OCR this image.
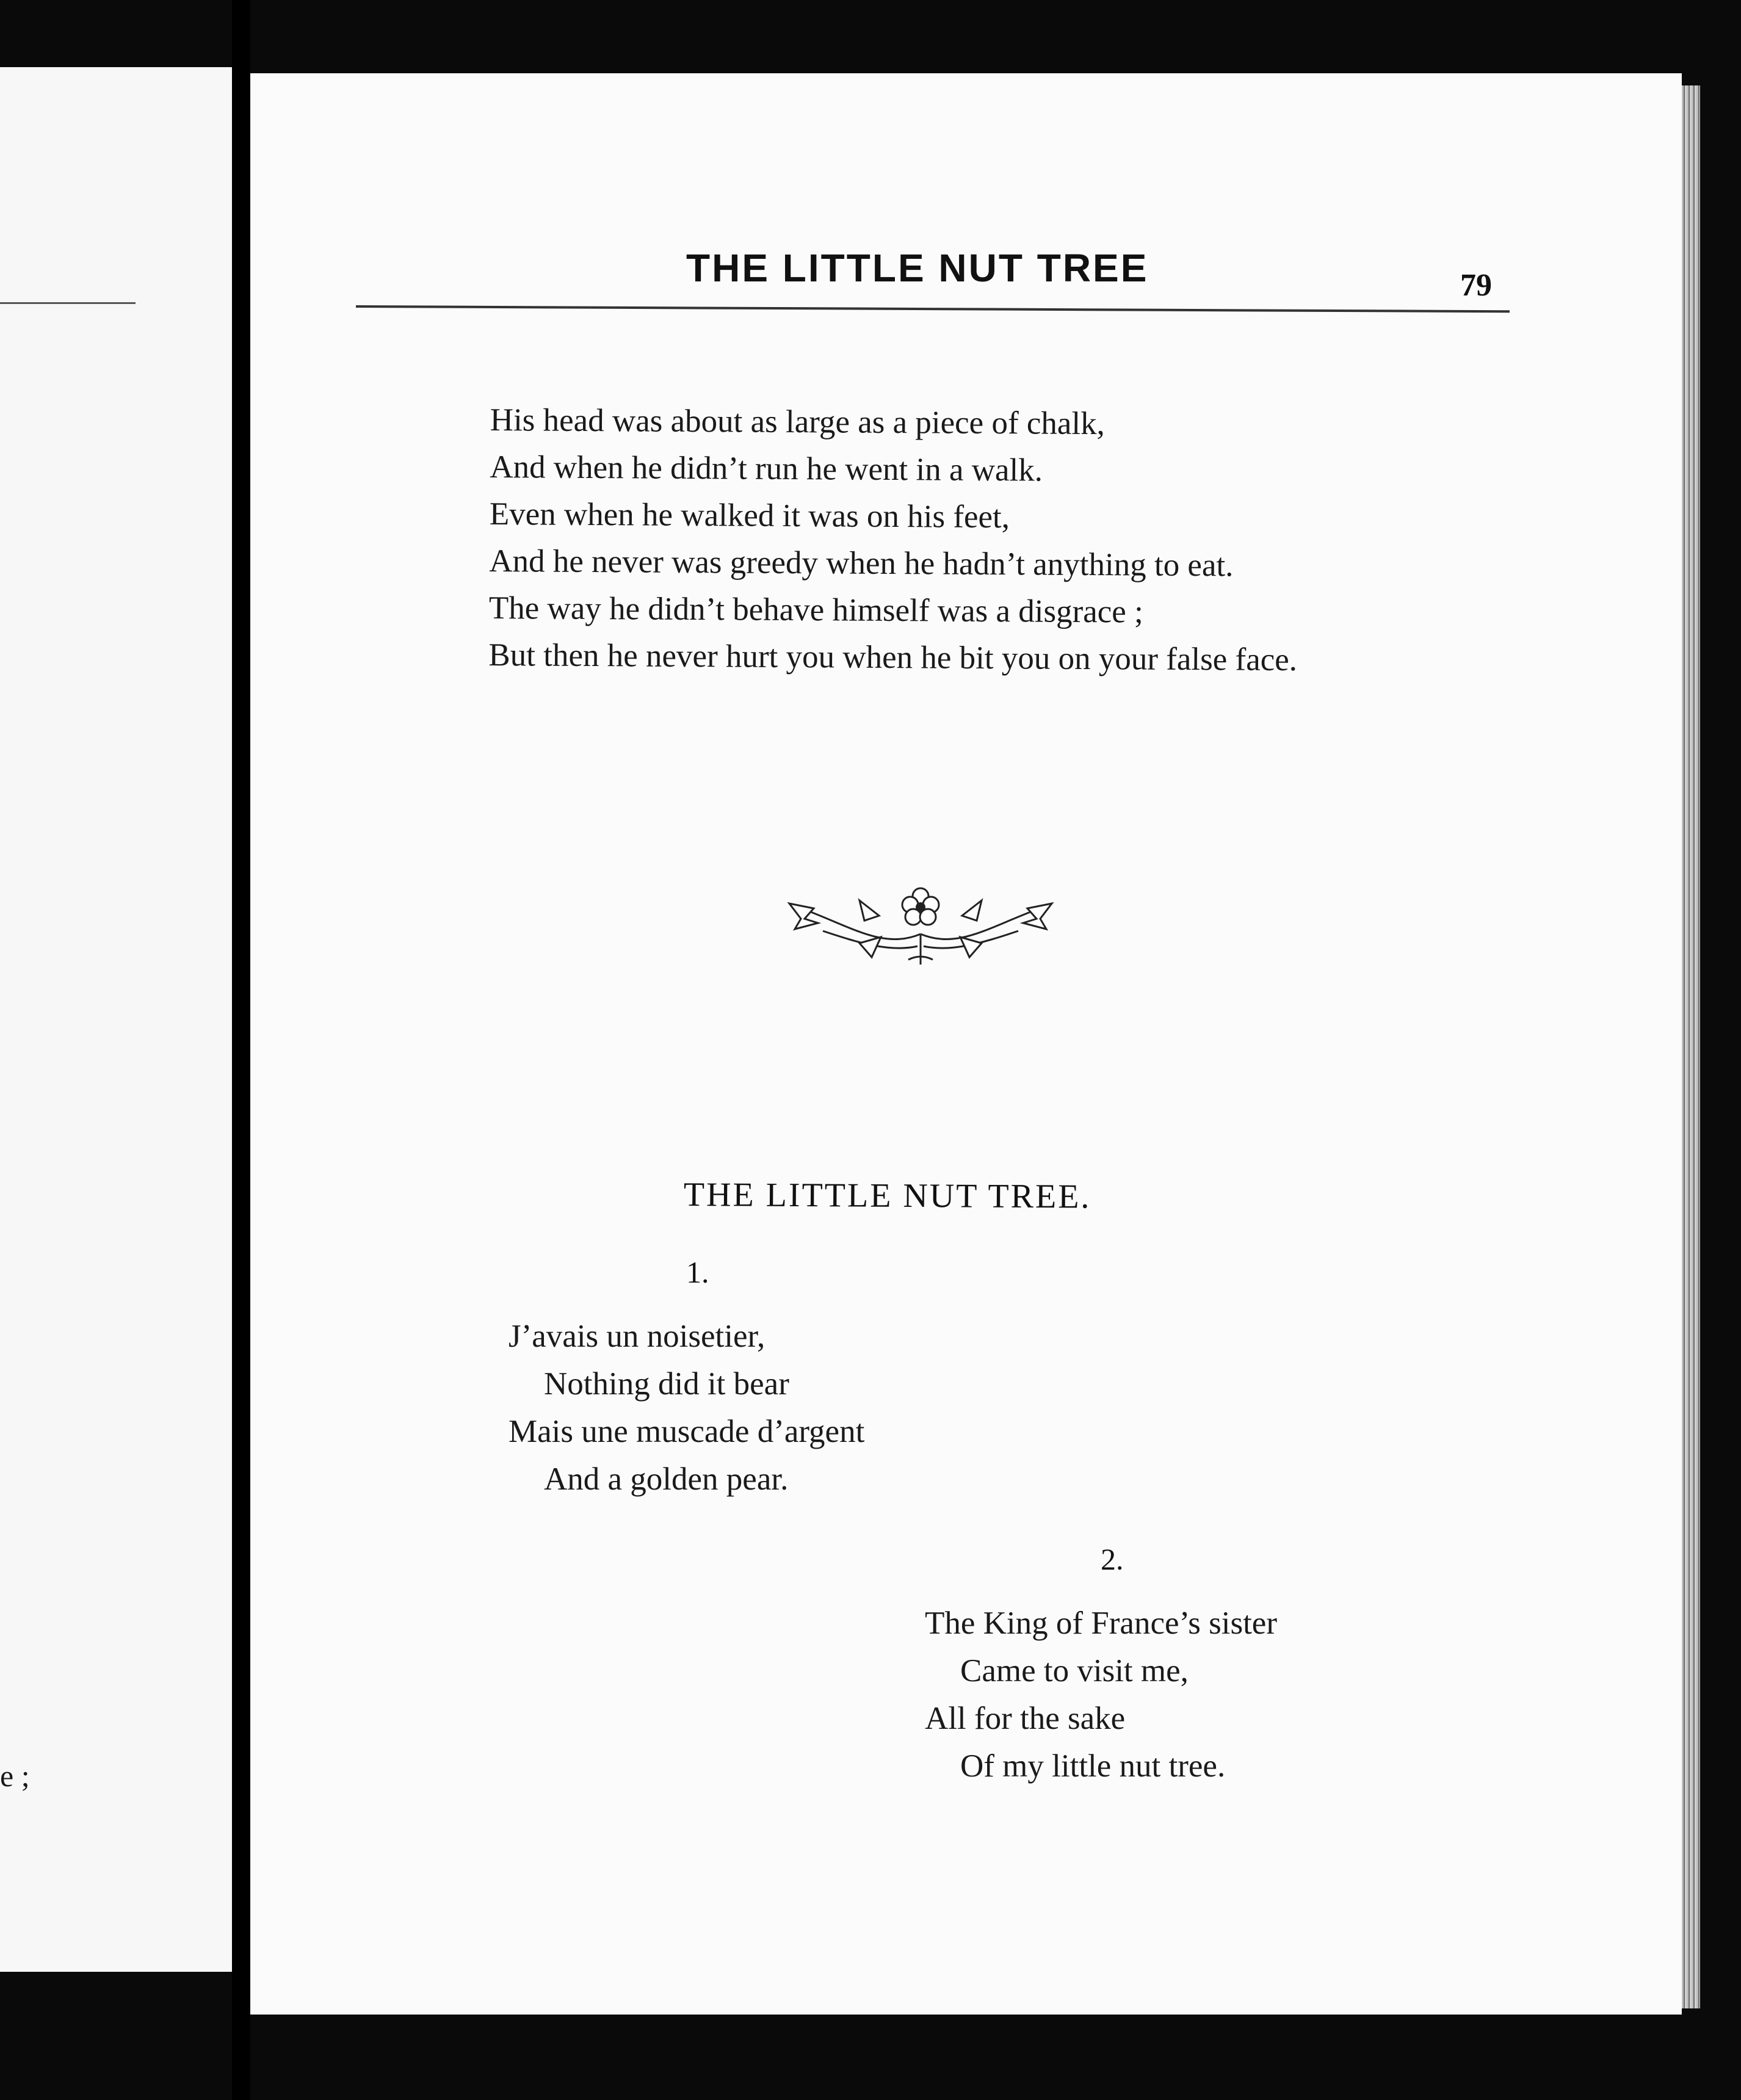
e ;
THE LITTLE NUT TREE	79
His head was about as large as a piece of chalk,
And when he didn’t run he went in a walk.
Even when he walked it was on his feet,
And he never was greedy when he hadn’t anything to eat.
The way he didn’t behave himself was a disgrace ;
But then he never hurt you when he bit you on your false face.
THE LITTLE NUT TREE.
1.
J’avais un noisetier,
Nothing did it bear
Mais une muscade d’argent
And a golden pear.
2.
The King of France’s sister
Came to visit me,
All for the sake
Of my little nut tree.
